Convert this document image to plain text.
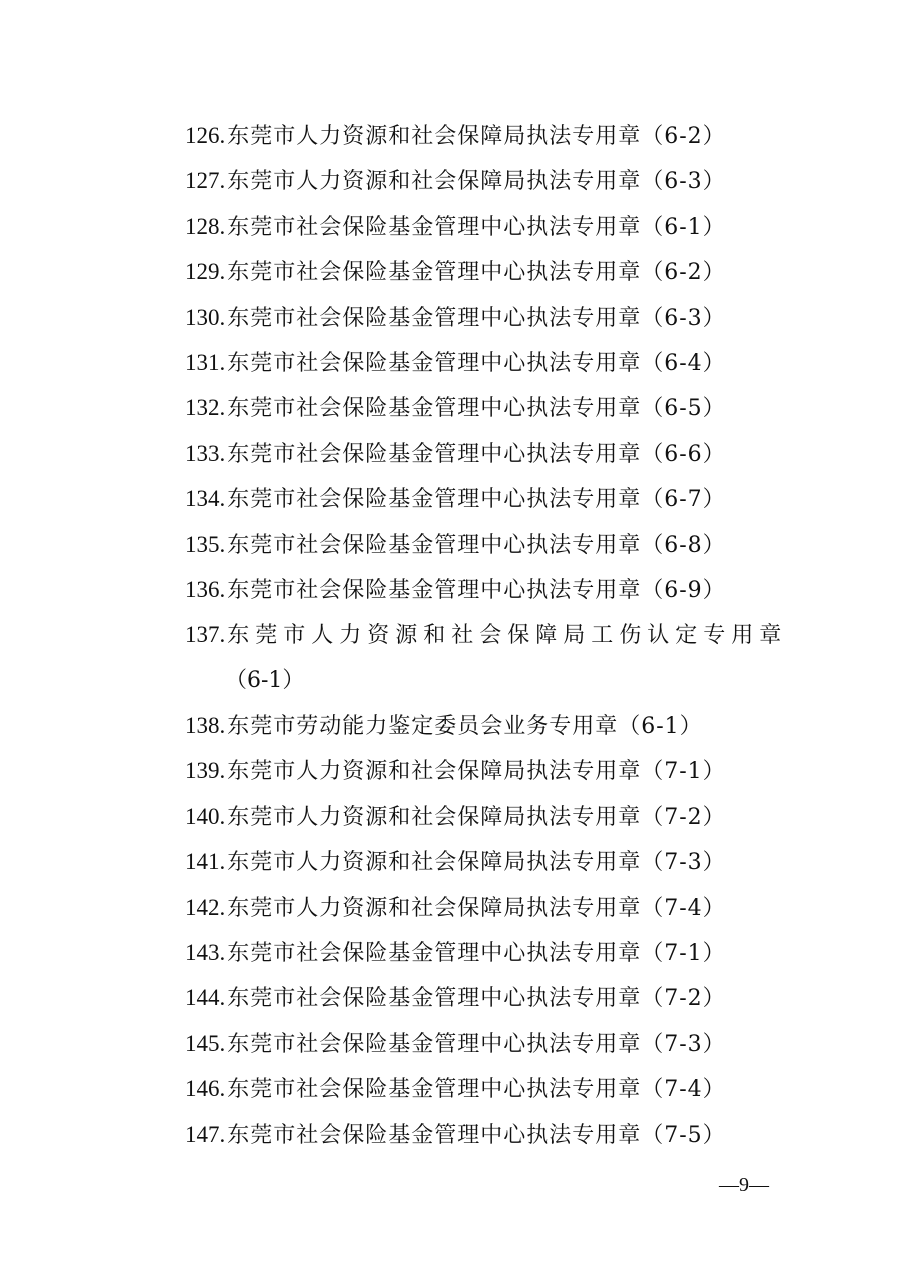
126. 东莞市人力资源和社会保障局执法专用章（6-2）
127. 东莞市人力资源和社会保障局执法专用章（6-3）
128. 东莞市社会保险基金管理中心执法专用章（6-1）
129. 东莞市社会保险基金管理中心执法专用章（6-2）
130. 东莞市社会保险基金管理中心执法专用章（6-3）
131. 东莞市社会保险基金管理中心执法专用章（6-4）
132. 东莞市社会保险基金管理中心执法专用章（6-5）
133. 东莞市社会保险基金管理中心执法专用章（6-6）
134. 东莞市社会保险基金管理中心执法专用章（6-7）
135. 东莞市社会保险基金管理中心执法专用章（6-8）
136. 东莞市社会保险基金管理中心执法专用章（6-9）
137. 东莞市人力资源和社会保障局工伤认定专用章
（6-1）
138. 东莞市劳动能力鉴定委员会业务专用章（6-1）
139. 东莞市人力资源和社会保障局执法专用章（7-1）
140. 东莞市人力资源和社会保障局执法专用章（7-2）
141. 东莞市人力资源和社会保障局执法专用章（7-3）
142. 东莞市人力资源和社会保障局执法专用章（7-4）
143. 东莞市社会保险基金管理中心执法专用章（7-1）
144. 东莞市社会保险基金管理中心执法专用章（7-2）
145. 东莞市社会保险基金管理中心执法专用章（7-3）
146. 东莞市社会保险基金管理中心执法专用章（7-4）
147. 东莞市社会保险基金管理中心执法专用章（7-5）
—9—
